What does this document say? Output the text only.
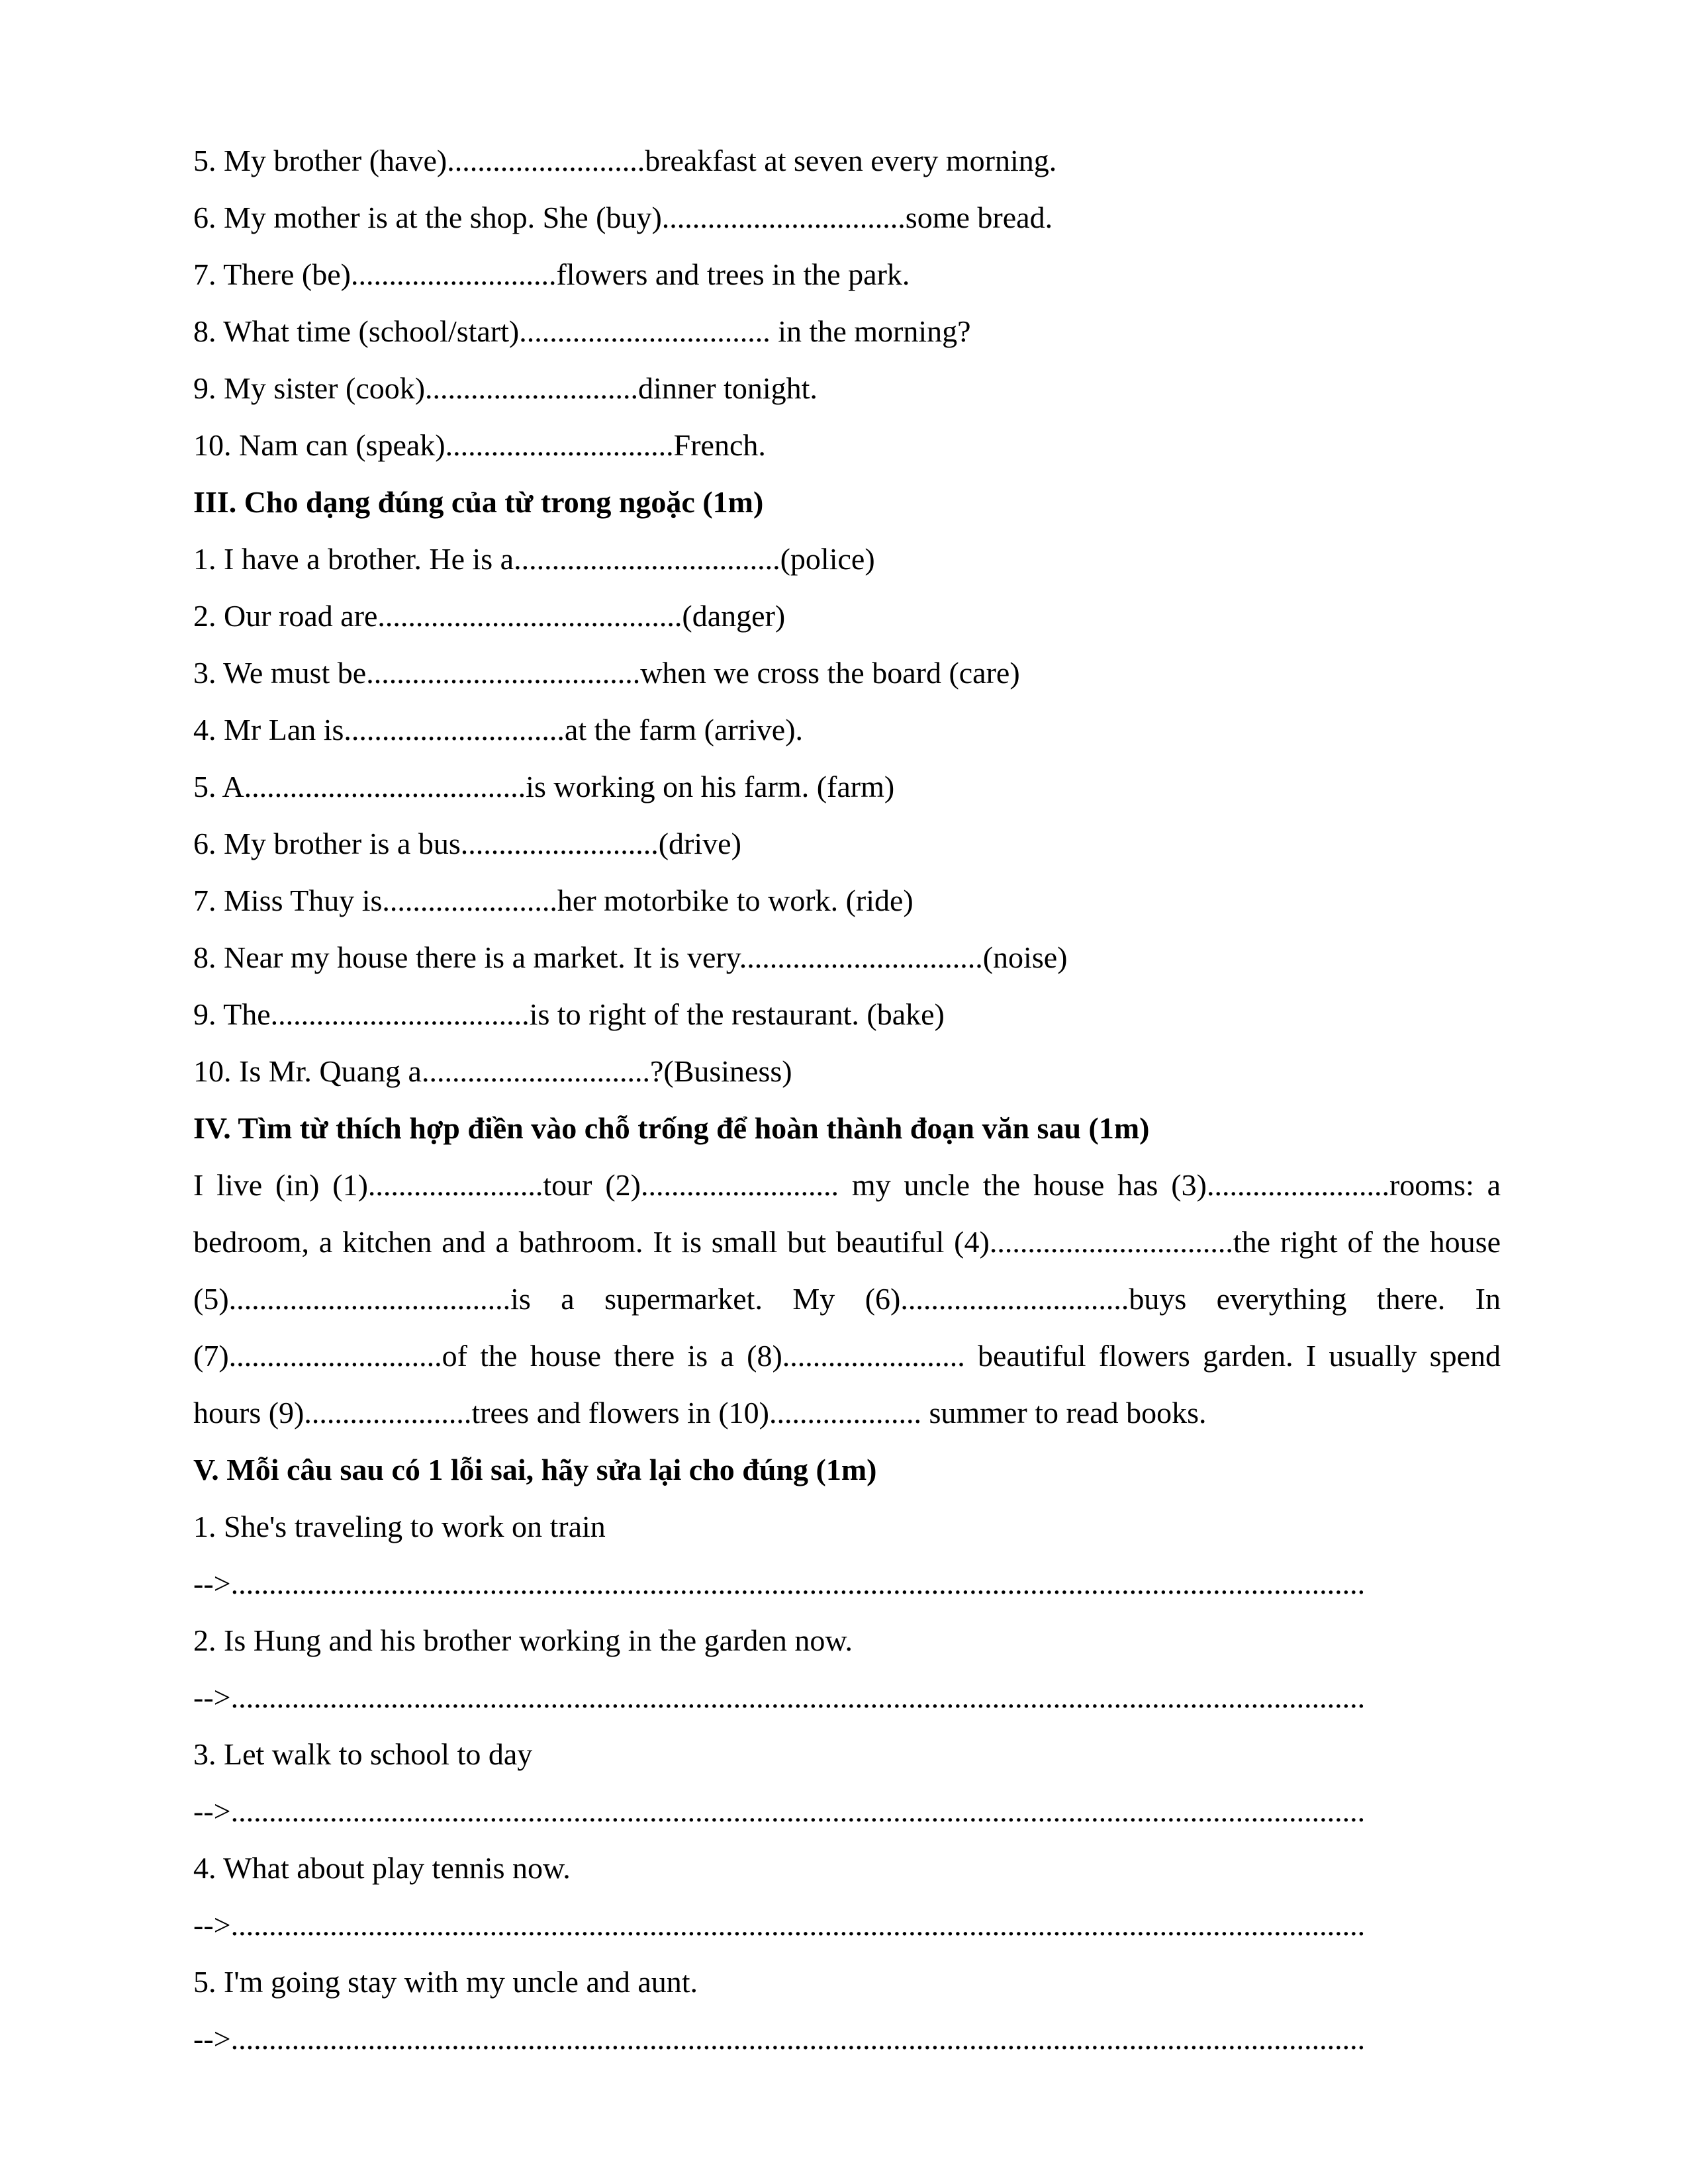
5. My brother (have)..........................breakfast at seven every morning.
6. My mother is at the shop. She (buy)................................some bread.
7. There (be)...........................flowers and trees in the park.
8. What time (school/start)................................. in the morning?
9. My sister (cook)............................dinner tonight.
10. Nam can (speak)..............................French.
III. Cho dạng đúng của từ trong ngoặc (1m)
1. I have a brother. He is a...................................(police)
2. Our road are........................................(danger)
3. We must be....................................when we cross the board (care)
4. Mr Lan is.............................at the farm (arrive).
5. A.....................................is working on his farm. (farm)
6. My brother is a bus..........................(drive)
7. Miss Thuy is.......................her motorbike to work. (ride)
8. Near my house there is a market. It is very................................(noise)
9. The..................................is to right of the restaurant. (bake)
10. Is Mr. Quang a..............................?(Business)
IV. Tìm từ thích hợp điền vào chỗ trống để hoàn thành đoạn văn sau (1m)
I live (in) (1).......................tour (2).......................... my uncle the house has (3)........................rooms: a
bedroom, a kitchen and a bathroom. It is small but beautiful (4)................................the right of the house
(5).....................................is a supermarket. My (6)..............................buys everything there. In
(7)............................of the house there is a (8)........................ beautiful flowers garden. I usually spend
hours (9)......................trees and flowers in (10).................... summer to read books.
V. Mỗi câu sau có 1 lỗi sai, hãy sửa lại cho đúng (1m)
1. She's traveling to work on train
-->.....................................................................................................................................................
2. Is Hung and his brother working in the garden now.
-->.....................................................................................................................................................
3. Let walk to school to day
-->.....................................................................................................................................................
4. What about play tennis now.
-->.....................................................................................................................................................
5. I'm going stay with my uncle and aunt.
-->.....................................................................................................................................................
